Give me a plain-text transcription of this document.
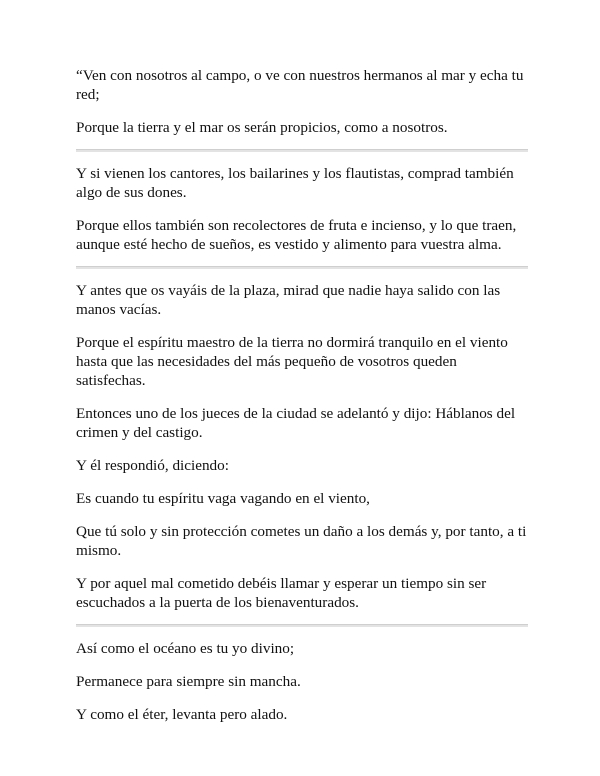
“Ven con nosotros al campo, o ve con nuestros hermanos al mar y echa tu red;

Porque la tierra y el mar os serán propicios, como a nosotros.

Y si vienen los cantores, los bailarines y los flautistas, comprad también algo de sus dones.

Porque ellos también son recolectores de fruta e incienso, y lo que traen, aunque esté hecho de sueños, es vestido y alimento para vuestra alma.

Y antes que os vayáis de la plaza, mirad que nadie haya salido con las manos vacías.

Porque el espíritu maestro de la tierra no dormirá tranquilo en el viento hasta que las necesidades del más pequeño de vosotros queden satisfechas.

Entonces uno de los jueces de la ciudad se adelantó y dijo: Háblanos del crimen y del castigo.

Y él respondió, diciendo:

Es cuando tu espíritu vaga vagando en el viento,

Que tú solo y sin protección cometes un daño a los demás y, por tanto, a ti mismo.

Y por aquel mal cometido debéis llamar y esperar un tiempo sin ser escuchados a la puerta de los bienaventurados.

Así como el océano es tu yo divino;

Permanece para siempre sin mancha.

Y como el éter, levanta pero alado.
